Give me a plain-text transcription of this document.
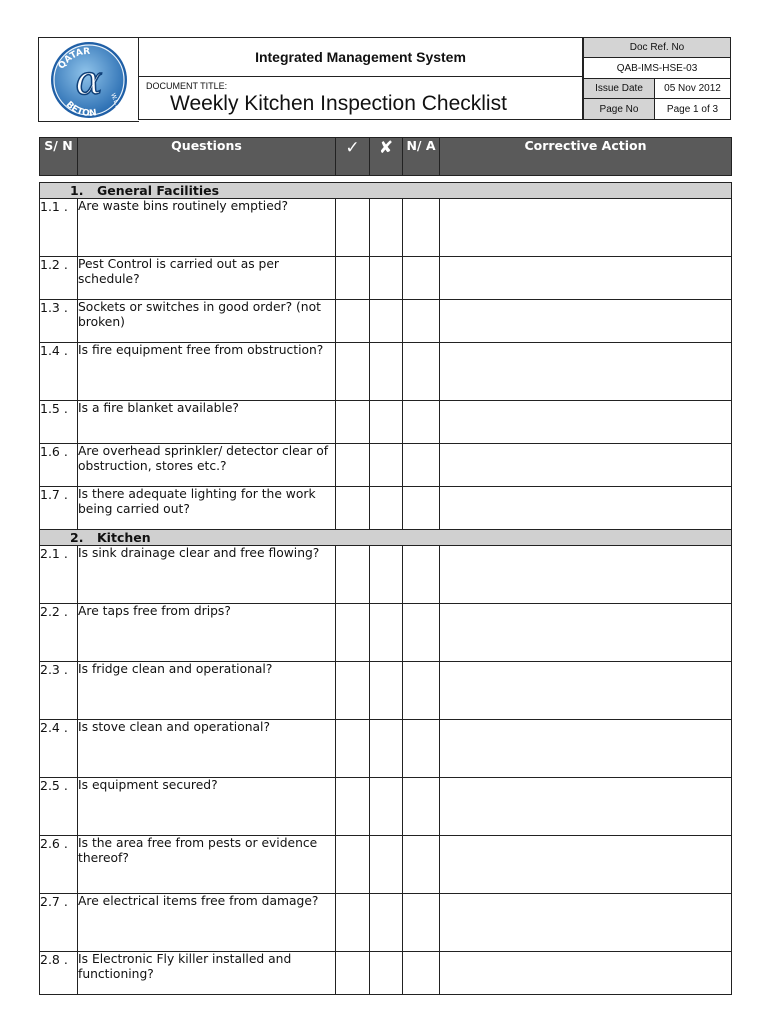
QATAR
BETON
W.L.L.
α
Integrated Management System
DOCUMENT TITLE:
Weekly Kitchen Inspection Checklist
Doc Ref. No
QAB-IMS-HSE-03
Issue Date	05 Nov 2012
Page No	Page 1 of 3
S/ N	Questions	✓	✘	N/ A	Corrective Action

1. General Facilities					
1.1 .	Are waste bins routinely emptied?				
1.2 .	Pest Control is carried out as per schedule?				
1.3 .	Sockets or switches in good order? (not broken)				
1.4 .	Is fire equipment free from obstruction?				
1.5 .	Is a fire blanket available?				
1.6 .	Are overhead sprinkler/ detector clear of obstruction, stores etc.?				
1.7 .	Is there adequate lighting for the work being carried out?				
2. Kitchen					
2.1 .	Is sink drainage clear and free flowing?				
2.2 .	Are taps free from drips?				
2.3 .	Is fridge clean and operational?				
2.4 .	Is stove clean and operational?				
2.5 .	Is equipment secured?				
2.6 .	Is the area free from pests or evidence thereof?				
2.7 .	Are electrical items free from damage?				
2.8 .	Is Electronic Fly killer installed and functioning?				
